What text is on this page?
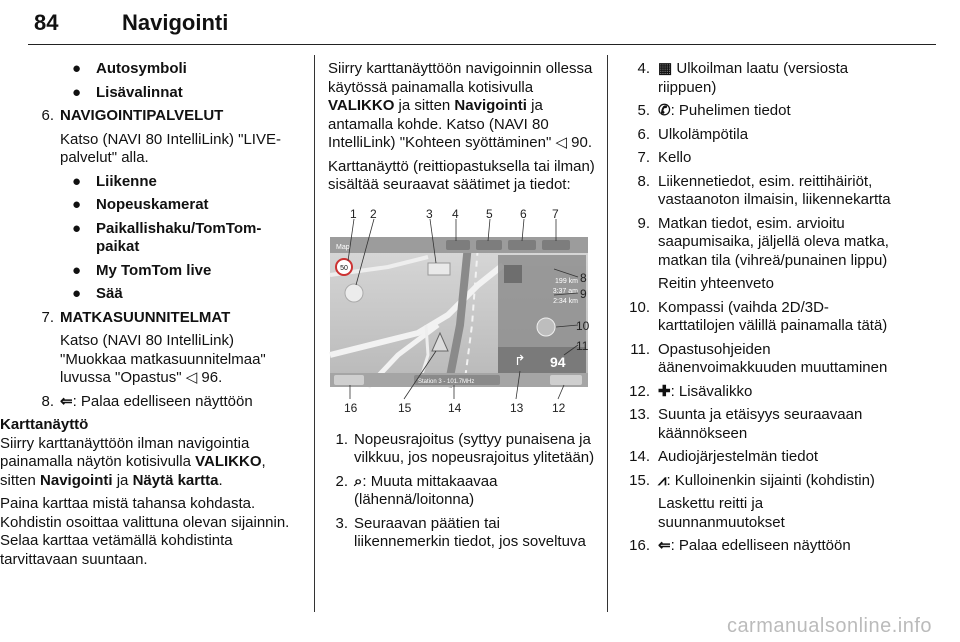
84	Navigointi
● Autosymboli
● Lisävalinnat
6. NAVIGOINTIPALVELUT
Katso (NAVI 80 IntelliLink) "LIVE-palvelut" alla.
● Liikenne
● Nopeuskamerat
● Paikallishaku/TomTom-paikat
● My TomTom live
● Sää
7. MATKASUUNNITELMAT
Katso (NAVI 80 IntelliLink) "Muokkaa matkasuunnitelmaa" luvussa "Opastus" ◁ 96.
8. ⇐: Palaa edelliseen näyttöön
Karttanäyttö
Siirry karttanäyttöön ilman navigointia painamalla näytön kotisivulla VALIKKO, sitten Navigointi ja Näytä kartta.
Paina karttaa mistä tahansa kohdasta. Kohdistin osoittaa valittuna olevan sijainnin. Selaa karttaa vetämällä kohdistinta tarvittavaan suuntaan.
Siirry karttanäyttöön navigoinnin ollessa käytössä painamalla kotisivulla VALIKKO ja sitten Navigointi ja antamalla kohde. Katso (NAVI 80 IntelliLink) "Kohteen syöttäminen" ◁ 90.
Karttanäyttö (reittiopastuksella tai ilman) sisältää seuraavat säätimet ja tiedot:
Map
50
199 km
3:37 am
2:34 km
↱ 94
Station 3 - 101.7MHz
1 2	3 4 5 6 7
8
9
10
11
12
13
14
15
16
1. Nopeusrajoitus (syttyy punaisena ja vilkkuu, jos nopeusrajoitus ylitetään)
2. ⌕: Muuta mittakaavaa (lähennä/loitonna)
3. Seuraavan päätien tai liikennemerkin tiedot, jos soveltuva
4. ▦ Ulkoilman laatu (versiosta riippuen)
5. ✆: Puhelimen tiedot
6. Ulkolämpötila
7. Kello
8. Liikennetiedot, esim. reittihäiriöt, vastaanoton ilmaisin, liikennekartta
9. Matkan tiedot, esim. arvioitu saapumisaika, jäljellä oleva matka, matkan tila (vihreä/punainen lippu)
Reitin yhteenveto
10. Kompassi (vaihda 2D/3D-karttatilojen välillä painamalla tätä)
11. Opastusohjeiden äänenvoimakkuuden muuttaminen
12. ✚: Lisävalikko
13. Suunta ja etäisyys seuraavaan käännökseen
14. Audiojärjestelmän tiedot
15. ⩘: Kulloinenkin sijainti (kohdistin)
Laskettu reitti ja suunnanmuutokset
16. ⇐: Palaa edelliseen näyttöön
carmanualsonline.info
